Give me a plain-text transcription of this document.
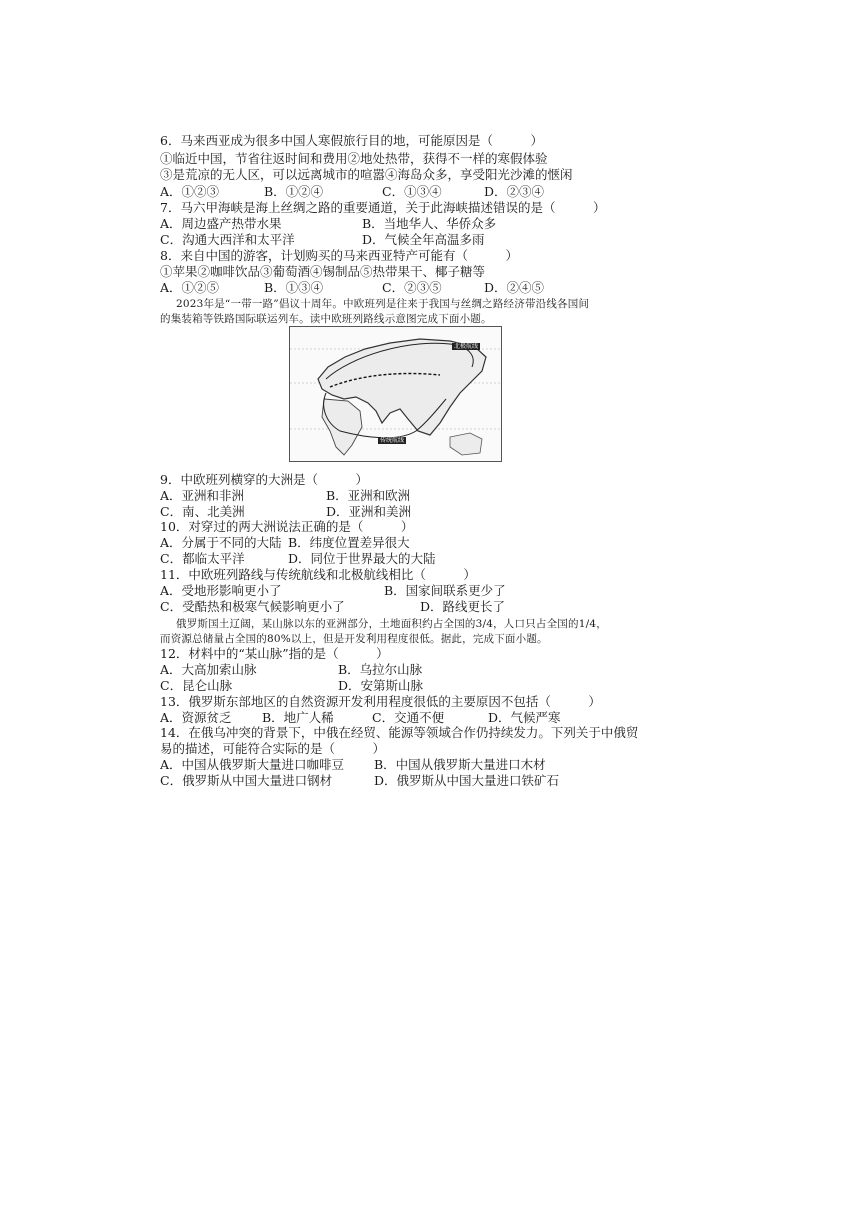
6．马来西亚成为很多中国人寒假旅行目的地，可能原因是（　　　）
①临近中国，节省往返时间和费用②地处热带，获得不一样的寒假体验
③是荒凉的无人区，可以远离城市的喧嚣④海岛众多，享受阳光沙滩的惬闲
A．①②③	B．①②④	C．①③④	D．②③④
7．马六甲海峡是海上丝绸之路的重要通道，关于此海峡描述错误的是（　　　）
A．周边盛产热带水果	B．当地华人、华侨众多
C．沟通大西洋和太平洋	D．气候全年高温多雨
8．来自中国的游客，计划购买的马来西亚特产可能有（　　　）
①苹果②咖啡饮品③葡萄酒④锡制品⑤热带果干、椰子糖等
A．①②⑤	B．①③④	C．②③⑤	D．②④⑤
2023年是“一带一路”倡议十周年。中欧班列是往来于我国与丝绸之路经济带沿线各国间
的集装箱等铁路国际联运列车。读中欧班列路线示意图完成下面小题。
北极航线
传统航线
9．中欧班列横穿的大洲是（　　　）
A．亚洲和非洲	B．亚洲和欧洲
C．南、北美洲	D．亚洲和美洲
10．对穿过的两大洲说法正确的是（　　　）
A．分属于不同的大陆 B．纬度位置差异很大
C．都临太平洋	D．同位于世界最大的大陆
11．中欧班列路线与传统航线和北极航线相比（　　　）
A．受地形影响更小了	B．国家间联系更少了
C．受酷热和极寒气候影响更小了	D．路线更长了
俄罗斯国土辽阔，某山脉以东的亚洲部分，土地面积约占全国的3/4，人口只占全国的1/4，
而资源总储量占全国的80%以上，但是开发利用程度很低。据此，完成下面小题。
12．材料中的“某山脉”指的是（　　　）
A．大高加索山脉	B．乌拉尔山脉
C．昆仑山脉	D．安第斯山脉
13．俄罗斯东部地区的自然资源开发利用程度很低的主要原因不包括（　　　）
A．资源贫乏 B．地广人稀	C．交通不便	D．气候严寒
14．在俄乌冲突的背景下，中俄在经贸、能源等领域合作仍持续发力。下列关于中俄贸
易的描述，可能符合实际的是（　　　）
A．中国从俄罗斯大量进口咖啡豆 B．中国从俄罗斯大量进口木材
C．俄罗斯从中国大量进口钢材	D．俄罗斯从中国大量进口铁矿石
